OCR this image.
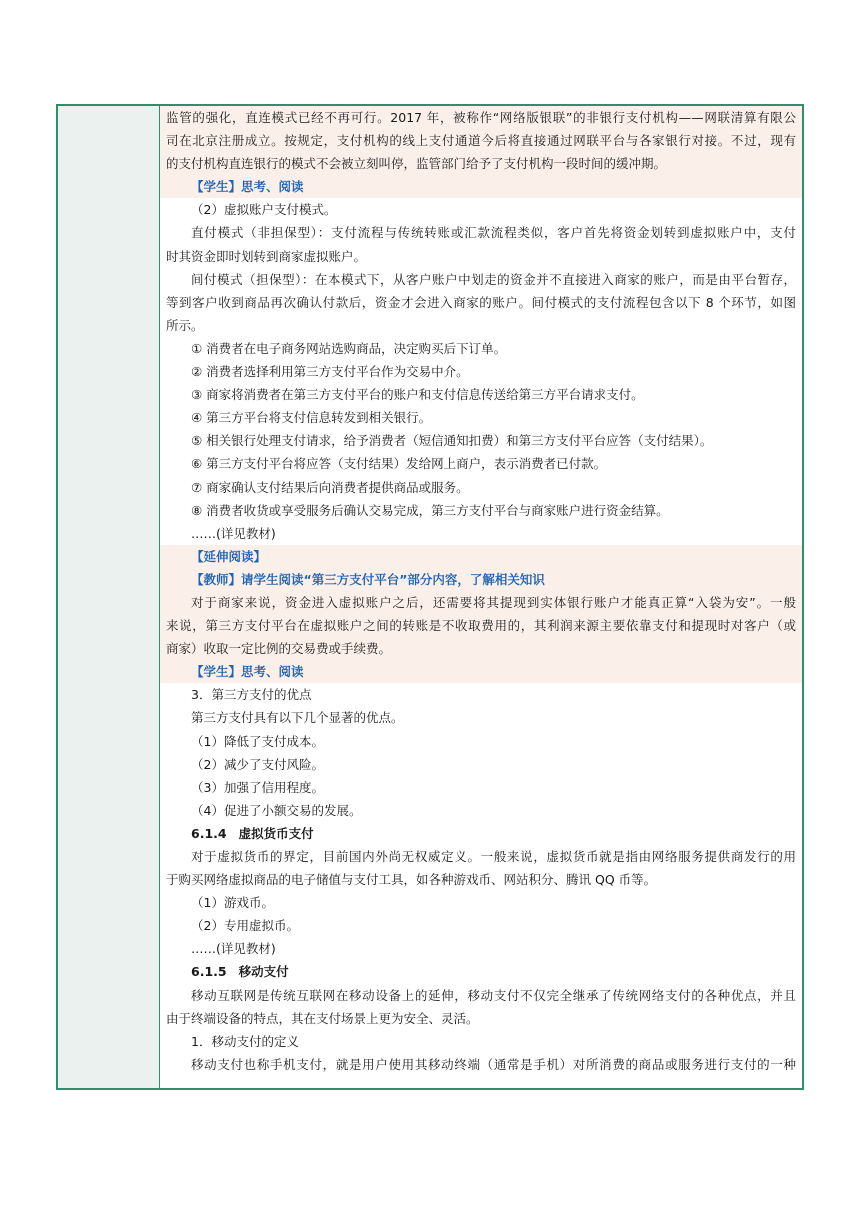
监管的强化，直连模式已经不再可行。2017 年，被称作“网络版银联”的非银行支付机构——网联清算有限公
司在北京注册成立。按规定，支付机构的线上支付通道今后将直接通过网联平台与各家银行对接。不过，现有
的支付机构直连银行的模式不会被立刻叫停，监管部门给予了支付机构一段时间的缓冲期。
【学生】思考、阅读
（2）虚拟账户支付模式。
直付模式（非担保型）：支付流程与传统转账或汇款流程类似，客户首先将资金划转到虚拟账户中，支付
时其资金即时划转到商家虚拟账户。
间付模式（担保型）：在本模式下，从客户账户中划走的资金并不直接进入商家的账户，而是由平台暂存，
等到客户收到商品再次确认付款后，资金才会进入商家的账户。间付模式的支付流程包含以下 8 个环节，如图
所示。
① 消费者在电子商务网站选购商品，决定购买后下订单。
② 消费者选择利用第三方支付平台作为交易中介。
③ 商家将消费者在第三方支付平台的账户和支付信息传送给第三方平台请求支付。
④ 第三方平台将支付信息转发到相关银行。
⑤ 相关银行处理支付请求，给予消费者（短信通知扣费）和第三方支付平台应答（支付结果）。
⑥ 第三方支付平台将应答（支付结果）发给网上商户，表示消费者已付款。
⑦ 商家确认支付结果后向消费者提供商品或服务。
⑧ 消费者收货或享受服务后确认交易完成，第三方支付平台与商家账户进行资金结算。
……(详见教材)
【延伸阅读】
【教师】请学生阅读“第三方支付平台”部分内容，了解相关知识
对于商家来说，资金进入虚拟账户之后，还需要将其提现到实体银行账户才能真正算“入袋为安”。一般
来说，第三方支付平台在虚拟账户之间的转账是不收取费用的，其利润来源主要依靠支付和提现时对客户（或
商家）收取一定比例的交易费或手续费。
【学生】思考、阅读
3．第三方支付的优点
第三方支付具有以下几个显著的优点。
（1）降低了支付成本。
（2）减少了支付风险。
（3）加强了信用程度。
（4）促进了小额交易的发展。
6.1.4 虚拟货币支付
对于虚拟货币的界定，目前国内外尚无权威定义。一般来说，虚拟货币就是指由网络服务提供商发行的用
于购买网络虚拟商品的电子储值与支付工具，如各种游戏币、网站积分、腾讯 QQ 币等。
（1）游戏币。
（2）专用虚拟币。
……(详见教材)
6.1.5 移动支付
移动互联网是传统互联网在移动设备上的延伸，移动支付不仅完全继承了传统网络支付的各种优点，并且
由于终端设备的特点，其在支付场景上更为安全、灵活。
1．移动支付的定义
移动支付也称手机支付，就是用户使用其移动终端（通常是手机）对所消费的商品或服务进行支付的一种
